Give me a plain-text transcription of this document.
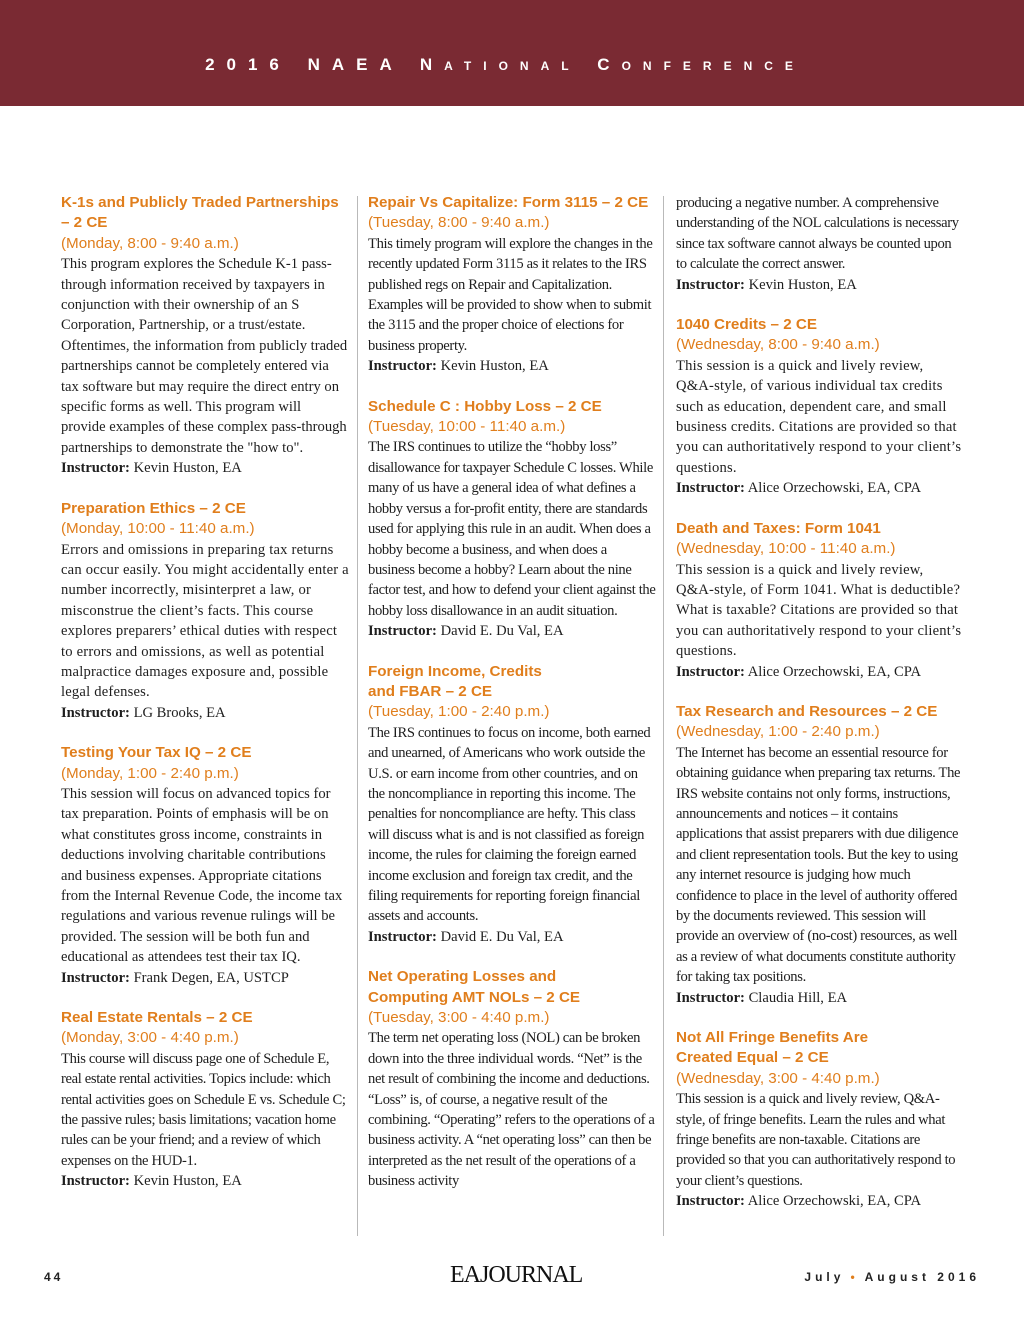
2016 NAEA National Conference
K-1s and Publicly Traded Partnerships – 2 CE
(Monday, 8:00 - 9:40 a.m.)

This program explores the Schedule K-1 pass-through information received by taxpayers in conjunction with their ownership of an S Corporation, Partnership, or a trust/estate. Oftentimes, the information from publicly traded partnerships cannot be completely entered via tax software but may require the direct entry on specific forms as well. This program will provide examples of these complex pass-through partnerships to demonstrate the "how to".

Instructor: Kevin Huston, EA

Preparation Ethics – 2 CE
(Monday, 10:00 - 11:40 a.m.)

Errors and omissions in preparing tax returns can occur easily. You might accidentally enter a number incorrectly, misinterpret a law, or misconstrue the client’s facts. This course explores preparers’ ethical duties with respect to errors and omissions, as well as potential malpractice damages exposure and, possible legal defenses.

Instructor: LG Brooks, EA

Testing Your Tax IQ – 2 CE
(Monday, 1:00 - 2:40 p.m.)

This session will focus on advanced topics for tax preparation. Points of emphasis will be on what constitutes gross income, constraints in deductions involving charitable contributions and business expenses. Appropriate citations from the Internal Revenue Code, the income tax regulations and various revenue rulings will be provided. The session will be both fun and educational as attendees test their tax IQ.

Instructor: Frank Degen, EA, USTCP

Real Estate Rentals – 2 CE
(Monday, 3:00 - 4:40 p.m.)

This course will discuss page one of Schedule E, real estate rental activities. Topics include: which rental activities goes on Schedule E vs. Schedule C; the passive rules; basis limitations; vacation home rules can be your friend; and a review of which expenses on the HUD-1.

Instructor: Kevin Huston, EA

Repair Vs Capitalize: Form 3115 – 2 CE
(Tuesday, 8:00 - 9:40 a.m.)

This timely program will explore the changes in the recently updated Form 3115 as it relates to the IRS published regs on Repair and Capitalization. Examples will be provided to show when to submit the 3115 and the proper choice of elections for business property.

Instructor: Kevin Huston, EA

Schedule C : Hobby Loss – 2 CE
(Tuesday, 10:00 - 11:40 a.m.)

The IRS continues to utilize the “hobby loss” disallowance for taxpayer Schedule C losses. While many of us have a general idea of what defines a hobby versus a for-profit entity, there are standards used for applying this rule in an audit. When does a hobby become a business, and when does a business become a hobby? Learn about the nine factor test, and how to defend your client against the hobby loss disallowance in an audit situation.

Instructor: David E. Du Val, EA

Foreign Income, Credits and FBAR – 2 CE
(Tuesday, 1:00 - 2:40 p.m.)

The IRS continues to focus on income, both earned and unearned, of Americans who work outside the U.S. or earn income from other countries, and on the noncompliance in reporting this income. The penalties for noncompliance are hefty. This class will discuss what is and is not classified as foreign income, the rules for claiming the foreign earned income exclusion and foreign tax credit, and the filing requirements for reporting foreign financial assets and accounts.

Instructor: David E. Du Val, EA

Net Operating Losses and Computing AMT NOLs – 2 CE
(Tuesday, 3:00 - 4:40 p.m.)

The term net operating loss (NOL) can be broken down into the three individual words. “Net” is the net result of combining the income and deductions. “Loss” is, of course, a negative result of the combining. “Operating” refers to the operations of a business activity. A “net operating loss” can then be interpreted as the net result of the operations of a business activity

producing a negative number. A comprehensive understanding of the NOL calculations is necessary since tax software cannot always be counted upon to calculate the correct answer.

Instructor: Kevin Huston, EA

1040 Credits – 2 CE
(Wednesday, 8:00 - 9:40 a.m.)

This session is a quick and lively review, Q&A-style, of various individual tax credits such as education, dependent care, and small business credits. Citations are provided so that you can authoritatively respond to your client’s questions.

Instructor: Alice Orzechowski, EA, CPA

Death and Taxes: Form 1041
(Wednesday, 10:00 - 11:40 a.m.)

This session is a quick and lively review, Q&A-style, of Form 1041. What is deductible? What is taxable? Citations are provided so that you can authoritatively respond to your client’s questions.

Instructor: Alice Orzechowski, EA, CPA

Tax Research and Resources – 2 CE
(Wednesday, 1:00 - 2:40 p.m.)

The Internet has become an essential resource for obtaining guidance when preparing tax returns. The IRS website contains not only forms, instructions, announcements and notices – it contains applications that assist preparers with due diligence and client representation tools. But the key to using any internet resource is judging how much confidence to place in the level of authority offered by the documents reviewed. This session will provide an overview of (no-cost) resources, as well as a review of what documents constitute authority for taking tax positions.

Instructor: Claudia Hill, EA

Not All Fringe Benefits Are Created Equal – 2 CE
(Wednesday, 3:00 - 4:40 p.m.)

This session is a quick and lively review, Q&A-style, of fringe benefits. Learn the rules and what fringe benefits are non-taxable. Citations are provided so that you can authoritatively respond to your client’s questions.

Instructor: Alice Orzechowski, EA, CPA

44	EAJOURNAL	July • August 2016
